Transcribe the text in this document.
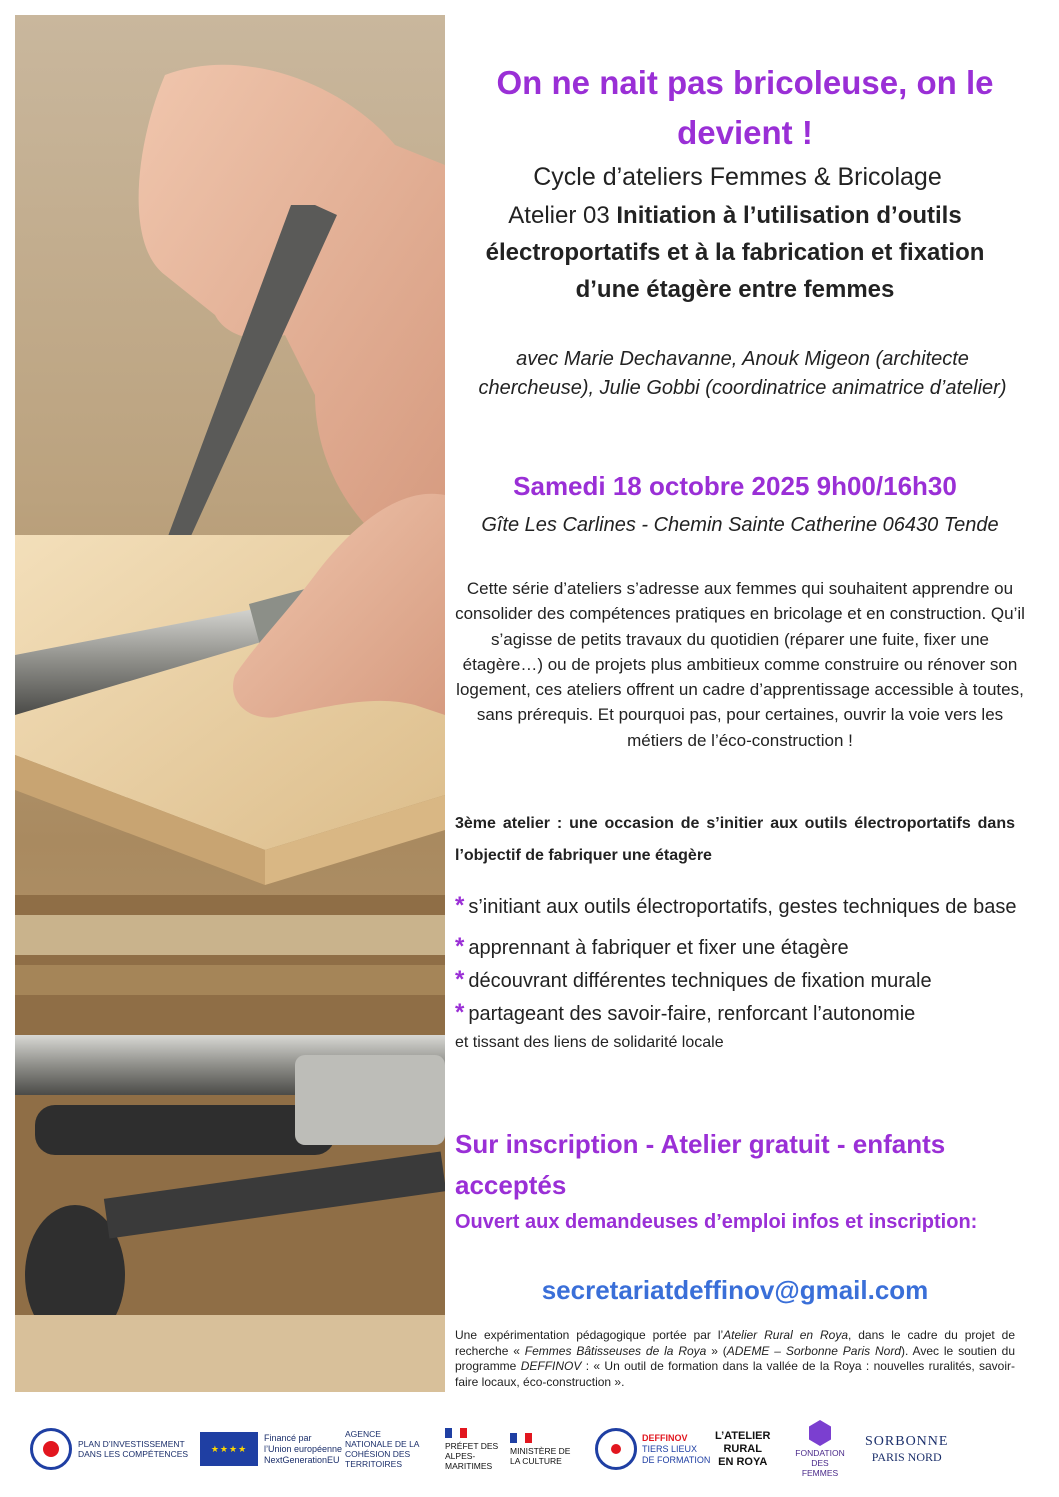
On ne nait pas bricoleuse, on le devient !
Cycle d’ateliers Femmes & Bricolage
Atelier 03 Initiation à l’utilisation d’outils électroportatifs et à la fabrication et fixation d’une étagère entre femmes
avec Marie Dechavanne, Anouk Migeon (architecte chercheuse), Julie Gobbi (coordinatrice animatrice d’atelier)
Samedi 18 octobre 2025 9h00/16h30
Gîte Les Carlines - Chemin Sainte Catherine 06430 Tende
Cette série d’ateliers s’adresse aux femmes qui souhaitent apprendre ou consolider des compétences pratiques en bricolage et en construction. Qu’il s’agisse de petits travaux du quotidien (réparer une fuite, fixer une étagère…) ou de projets plus ambitieux comme construire ou rénover son logement, ces ateliers offrent un cadre d’apprentissage accessible à toutes, sans prérequis. Et pourquoi pas, pour certaines, ouvrir la voie vers les métiers de l’éco-construction !
3ème atelier : une occasion de s’initier aux outils électroportatifs dans l’objectif de fabriquer une étagère
* s’initiant aux outils électroportatifs, gestes techniques de base
* apprennant à fabriquer et fixer une étagère
* découvrant différentes techniques de fixation murale
* partageant des savoir-faire, renforcant l’autonomie
et tissant des liens de solidarité locale
Sur inscription - Atelier gratuit - enfants acceptés
Ouvert aux demandeuses d’emploi infos et inscription:
secretariatdeffinov@gmail.com
Une expérimentation pédagogique portée par l’Atelier Rural en Roya, dans le cadre du projet de recherche « Femmes Bâtisseuses de la Roya » (ADEME – Sorbonne Paris Nord). Avec le soutien du programme DEFFINOV : « Un outil de formation dans la vallée de la Roya : nouvelles ruralités, savoir-faire locaux, éco-construction ».
PLAN D’INVESTISSEMENT DANS LES COMPÉTENCES
★★★★
Financé par
l’Union européenne
NextGenerationEU
AGENCE NATIONALE DE LA COHÉSION DES TERRITOIRES
PRÉFET DES ALPES-MARITIMES
MINISTÈRE DE LA CULTURE
DEFFINOV
TIERS LIEUX
DE FORMATION
L’ATELIER
RURAL
EN ROYA
FONDATION DES FEMMES
SORBONNE
PARIS NORD
